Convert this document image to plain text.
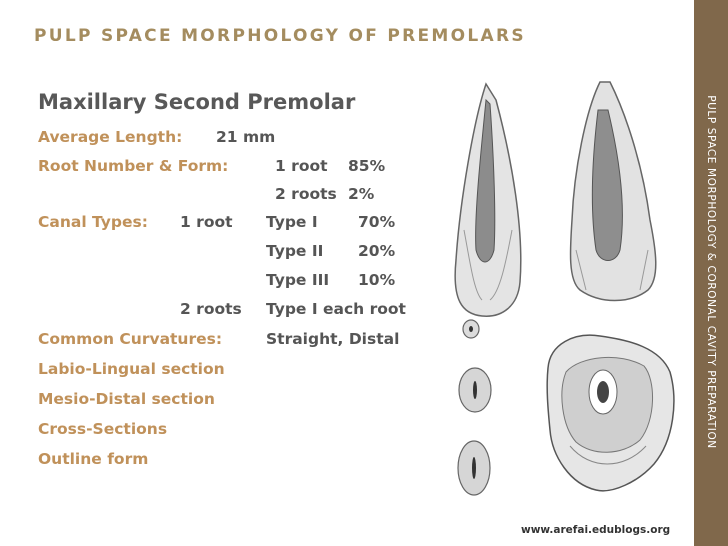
PULP SPACE MORPHOLOGY OF PREMOLARS
PULP SPACE MORPHOLOGY & CORONAL CAVITY PREPARATION
Maxillary Second Premolar
Average Length: 21 mm
Root Number & Form:	1 root 85%
2 roots 2%
Canal Types: 1 root Type I	70%
Type II 20%
Type III 10%
2 roots Type I each root
Common Curvatures:	Straight, Distal
Labio-Lingual section
Mesio-Distal section
Cross-Sections
Outline form
www.arefai.edublogs.org
